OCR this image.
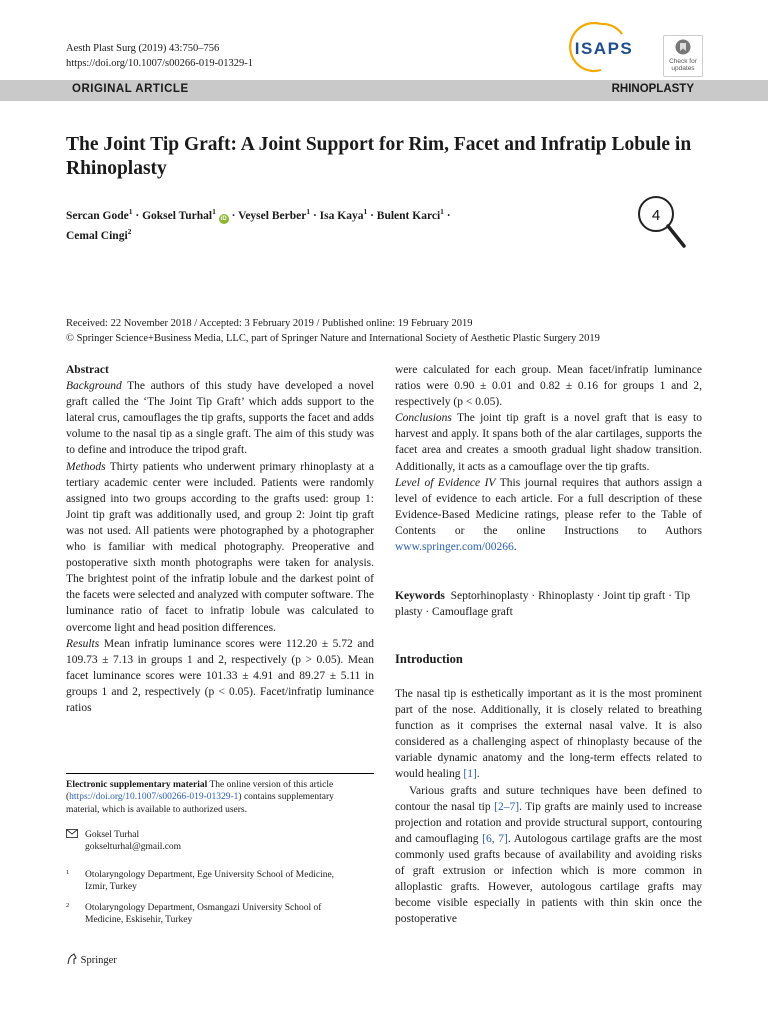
Aesth Plast Surg (2019) 43:750–756
https://doi.org/10.1007/s00266-019-01329-1
ISAPS
Check for updates
ORIGINAL ARTICLE	RHINOPLASTY
The Joint Tip Graft: A Joint Support for Rim, Facet and Infratip Lobule in Rhinoplasty
Sercan Gode$^1$ · Goksel Turhal$^1$ iD · Veysel Berber$^1$ · Isa Kaya$^1$ · Bulent Karci$^1$ ·
Cemal Cingi$^2$
4
Received: 22 November 2018 / Accepted: 3 February 2019 / Published online: 19 February 2019
© Springer Science+Business Media, LLC, part of Springer Nature and International Society of Aesthetic Plastic Surgery 2019

Abstract

Background The authors of this study have developed a novel graft called the ‘The Joint Tip Graft’ which adds support to the lateral crus, camouflages the tip grafts, supports the facet and adds volume to the nasal tip as a single graft. The aim of this study was to define and introduce the tripod graft.

Methods Thirty patients who underwent primary rhinoplasty at a tertiary academic center were included. Patients were randomly assigned into two groups according to the grafts used: group 1: Joint tip graft was additionally used, and group 2: Joint tip graft was not used. All patients were photographed by a photographer who is familiar with medical photography. Preoperative and postoperative sixth month photographs were taken for analysis. The brightest point of the infratip lobule and the darkest point of the facets were selected and analyzed with computer software. The luminance ratio of facet to infratip lobule was calculated to overcome light and head position differences.

Results Mean infratip luminance scores were 112.20 ± 5.72 and 109.73 ± 7.13 in groups 1 and 2, respectively (p > 0.05). Mean facet luminance scores were 101.33 ± 4.91 and 89.27 ± 5.11 in groups 1 and 2, respectively (p < 0.05). Facet/infratip luminance ratios

were calculated for each group. Mean facet/infratip luminance ratios were 0.90 ± 0.01 and 0.82 ± 0.16 for groups 1 and 2, respectively (p < 0.05).

Conclusions The joint tip graft is a novel graft that is easy to harvest and apply. It spans both of the alar cartilages, supports the facet area and creates a smooth gradual light shadow transition. Additionally, it acts as a camouflage over the tip grafts.

Level of Evidence IV This journal requires that authors assign a level of evidence to each article. For a full description of these Evidence-Based Medicine ratings, please refer to the Table of Contents or the online Instructions to Authors www.springer.com/00266.

Keywords Septorhinoplasty · Rhinoplasty · Joint tip graft · Tip plasty · Camouflage graft
Introduction

The nasal tip is esthetically important as it is the most prominent part of the nose. Additionally, it is closely related to breathing function as it comprises the external nasal valve. It is also considered as a challenging aspect of rhinoplasty because of the variable dynamic anatomy and the long-term effects related to would healing [1].

Various grafts and suture techniques have been defined to contour the nasal tip [2–7]. Tip grafts are mainly used to increase projection and rotation and provide structural support, contouring and camouflaging [6, 7]. Autologous cartilage grafts are the most commonly used grafts because of availability and avoiding risks of graft extrusion or infection which is more common in alloplastic grafts. However, autologous cartilage grafts may become visible especially in patients with thin skin once the postoperative

Electronic supplementary material The online version of this article (https://doi.org/10.1007/s00266-019-01329-1) contains supplementary material, which is available to authorized users.
Goksel Turhal
gokselturhal@gmail.com
1 Otolaryngology Department, Ege University School of Medicine, Izmir, Turkey
2 Otolaryngology Department, Osmangazi University School of Medicine, Eskisehir, Turkey
Springer
